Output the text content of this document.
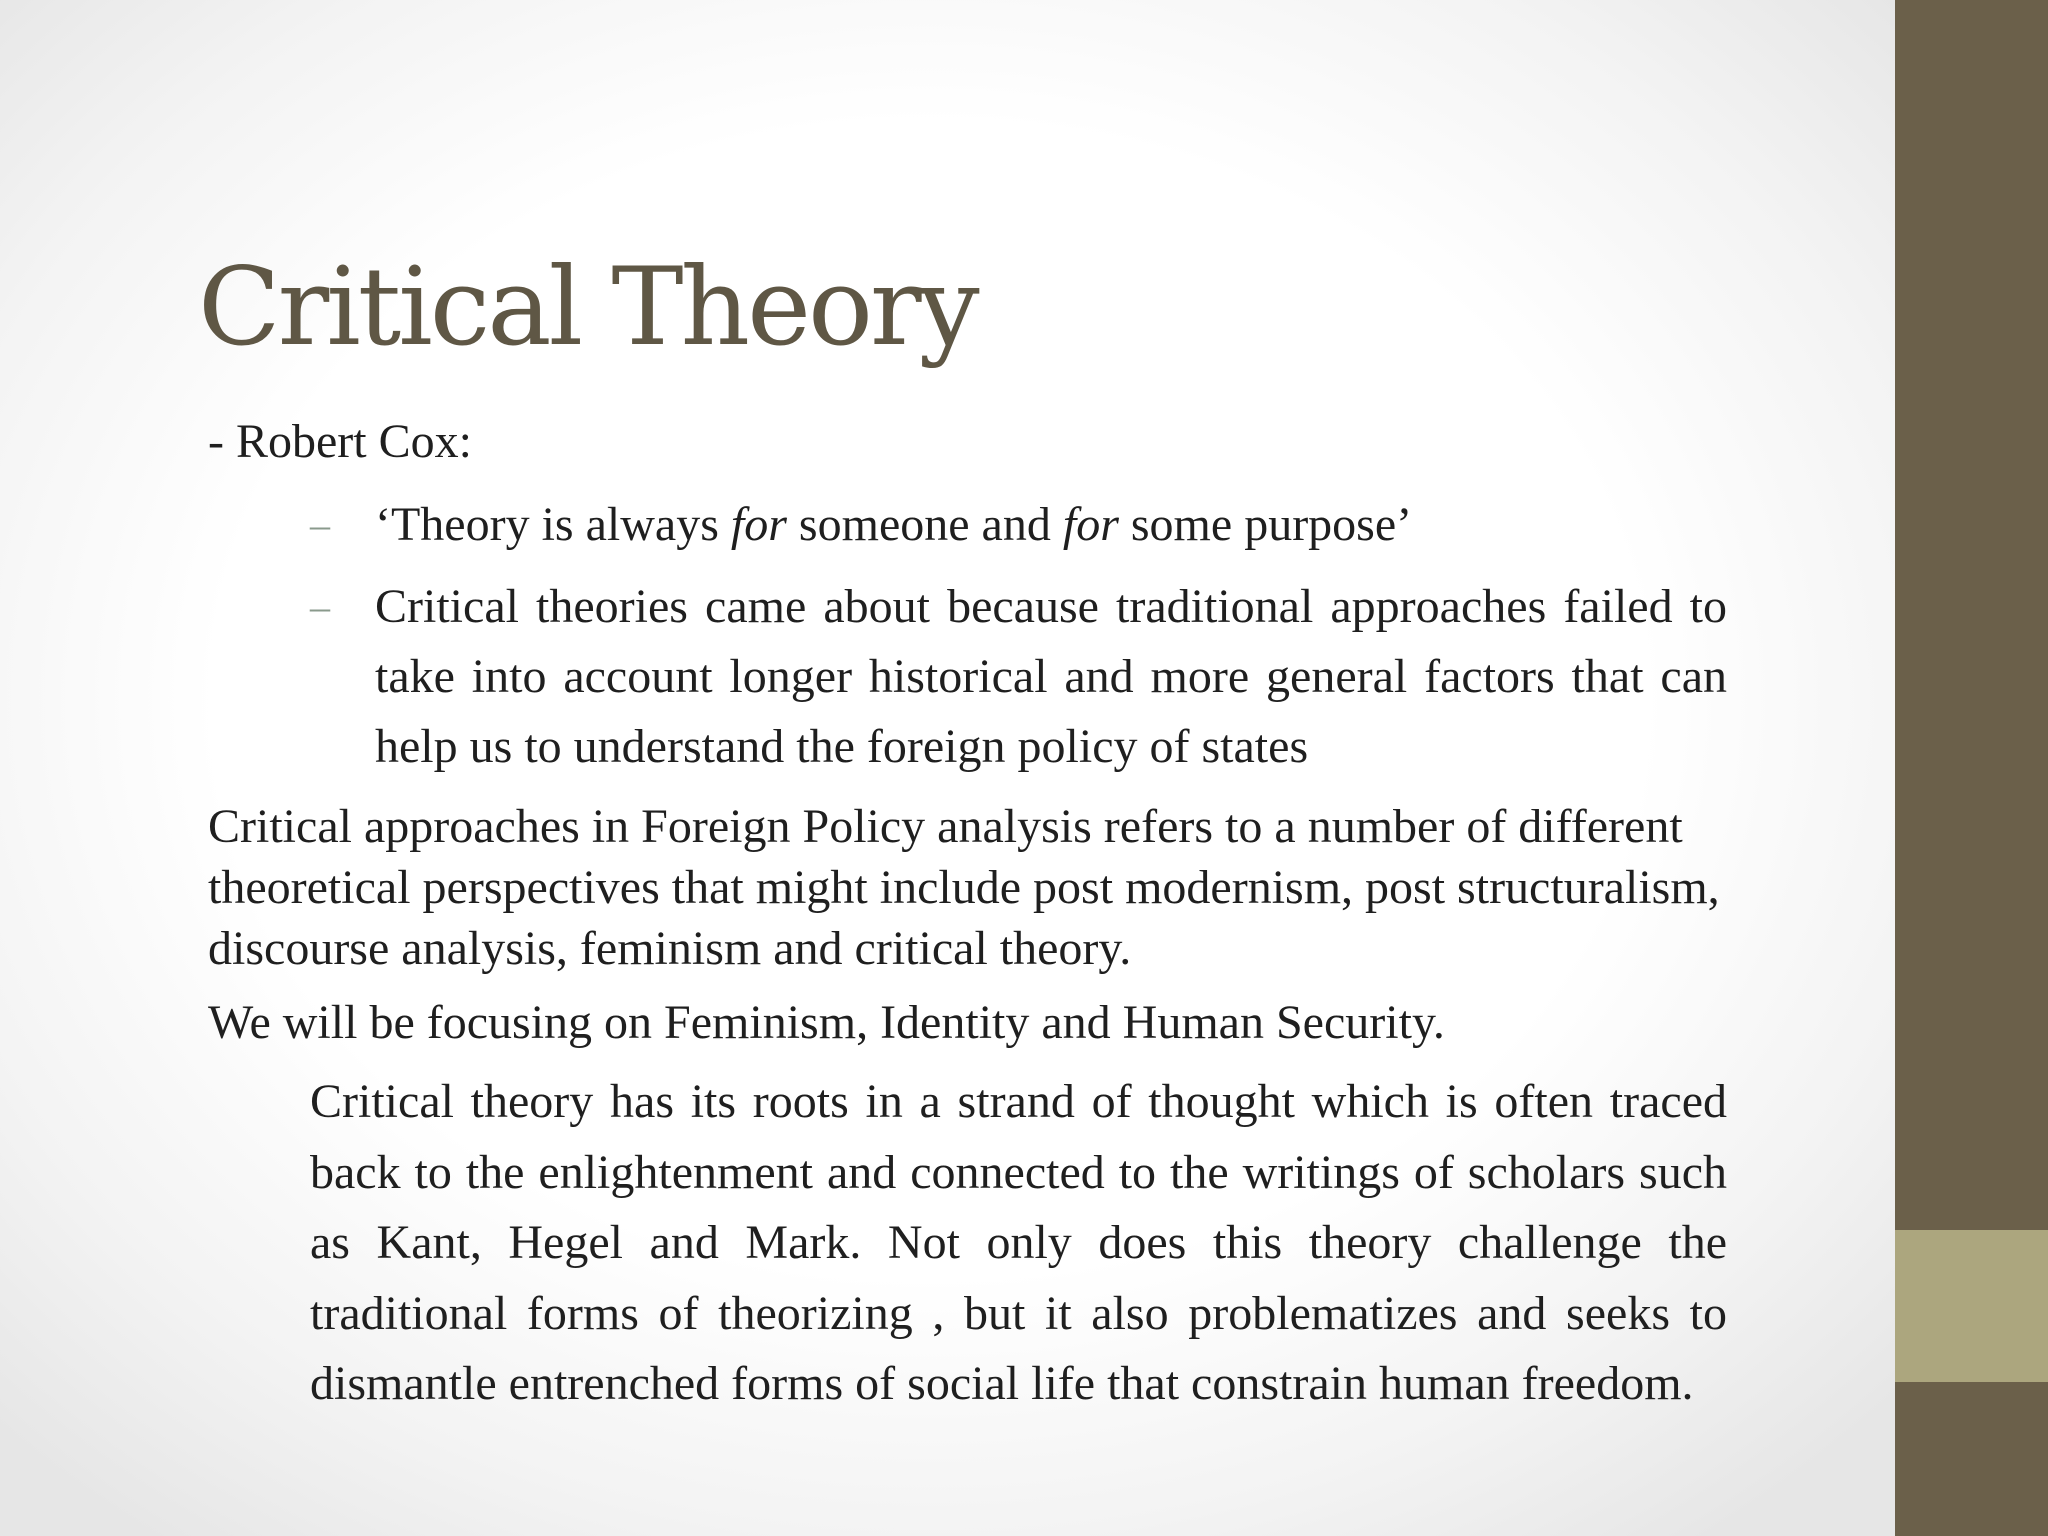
Critical Theory
- Robert Cox:
– ‘Theory is always for someone and for some purpose’
– Critical theories came about because traditional approaches failed to take into account longer historical and more general factors that can help us to understand the foreign policy of states
Critical approaches in Foreign Policy analysis refers to a number of different theoretical perspectives that might include post modernism, post structuralism, discourse analysis, feminism and critical theory.
We will be focusing on Feminism, Identity and Human Security.
Critical theory has its roots in a strand of thought which is often traced back to the enlightenment and connected to the writings of scholars such as Kant, Hegel and Mark. Not only does this theory challenge the traditional forms of theorizing , but it also problematizes and seeks to dismantle entrenched forms of social life that constrain human freedom.
